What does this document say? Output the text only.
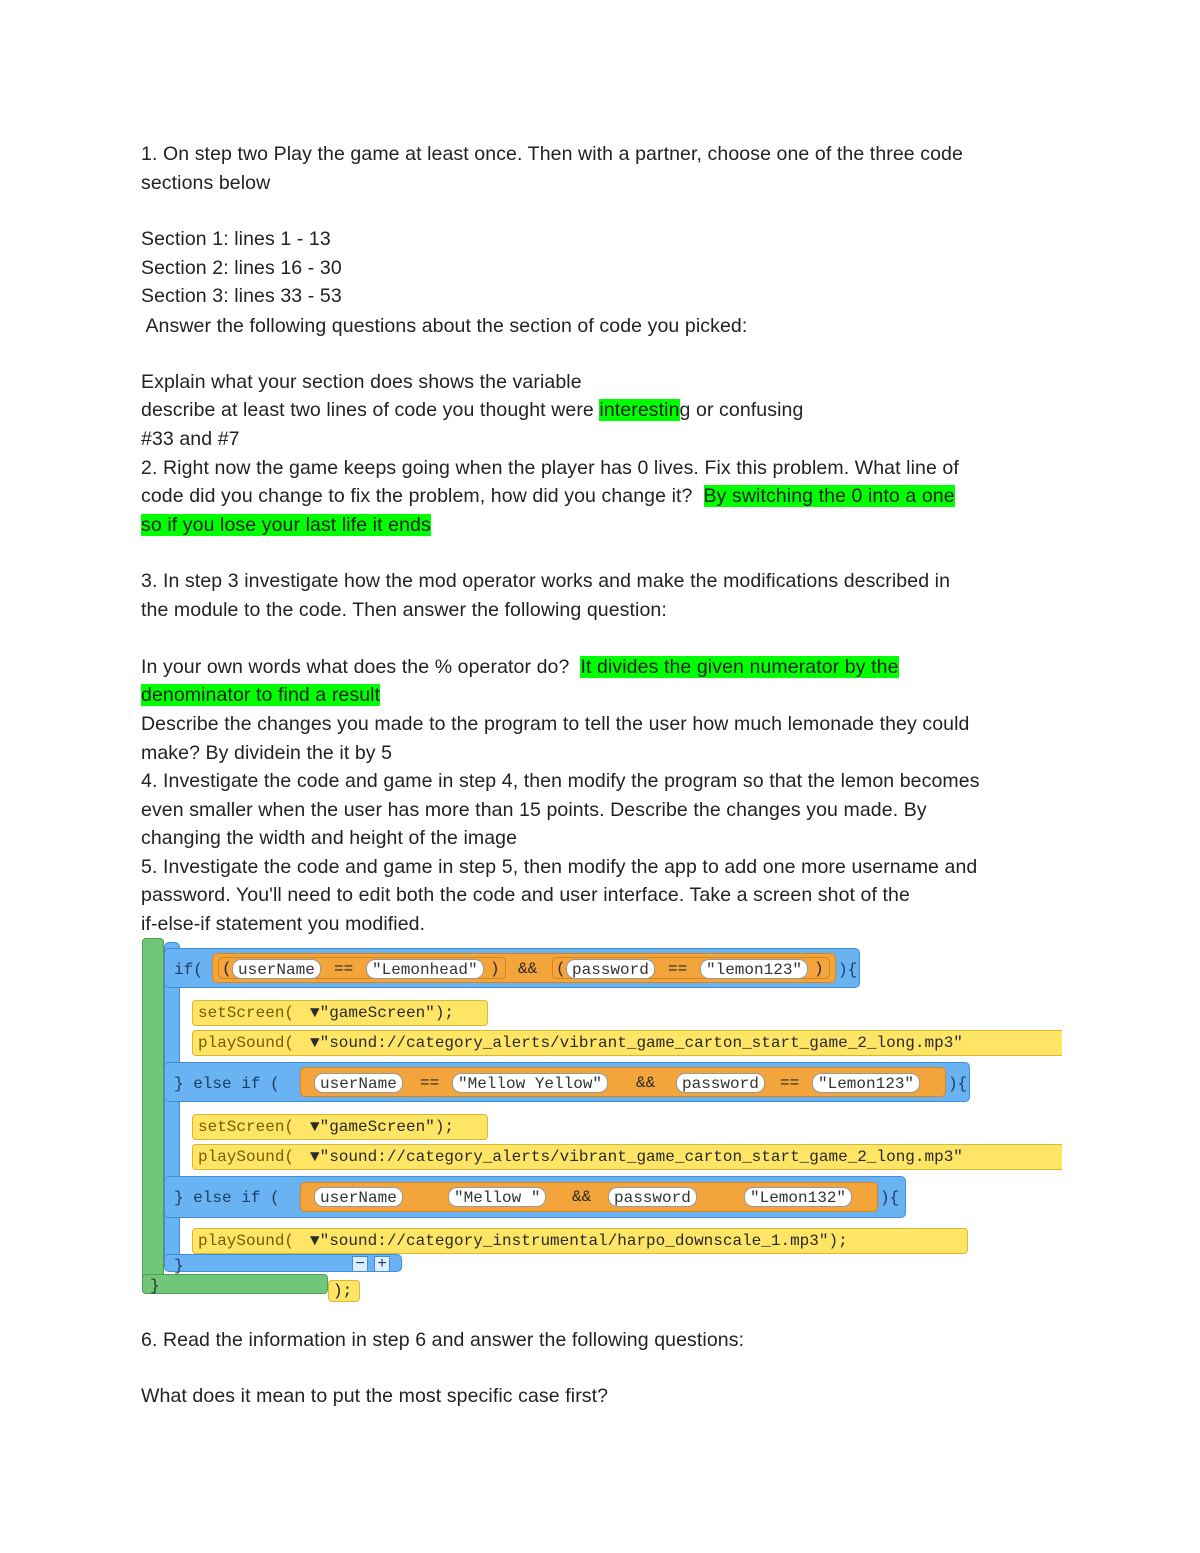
1. On step two Play the game at least once. Then with a partner, choose one of the three code
sections below
Section 1: lines 1 - 13
Section 2: lines 16 - 30
Section 3: lines 33 - 53
Answer the following questions about the section of code you picked:
Explain what your section does shows the variable
describe at least two lines of code you thought were interesting or confusing
#33 and #7
2. Right now the game keeps going when the player has 0 lives. Fix this problem. What line of
code did you change to fix the problem, how did you change it?  By switching the 0 into a one
so if you lose your last life it ends
3. In step 3 investigate how the mod operator works and make the modifications described in
the module to the code. Then answer the following question:
In your own words what does the % operator do?  It divides the given numerator by the
denominator to find a result
Describe the changes you made to the program to tell the user how much lemonade they could
make? By dividein the it by 5
4. Investigate the code and game in step 4, then modify the program so that the lemon becomes
even smaller when the user has more than 15 points. Describe the changes you made. By
changing the width and height of the image
5. Investigate the code and game in step 5, then modify the app to add one more username and
password. You'll need to edit both the code and user interface. Take a screen shot of the
if-else-if statement you modified.
);
}
if( ( userName	==	"Lemonhead" ) && ( password	==	"lemon123" ) ){
setScreen( ▼"gameScreen");
playSound( ▼"sound://category_alerts/vibrant_game_carton_start_game_2_long.mp3"
} else if (	userName	==	"Mellow Yellow"	&&	password	==	"Lemon123"	){
setScreen( ▼"gameScreen");
playSound( ▼"sound://category_alerts/vibrant_game_carton_start_game_2_long.mp3"
} else if (	userName	"Mellow "	&&	password	"Lemon132"	){
playSound( ▼"sound://category_instrumental/harpo_downscale_1.mp3");
}	− +
6. Read the information in step 6 and answer the following questions:
What does it mean to put the most specific case first?
